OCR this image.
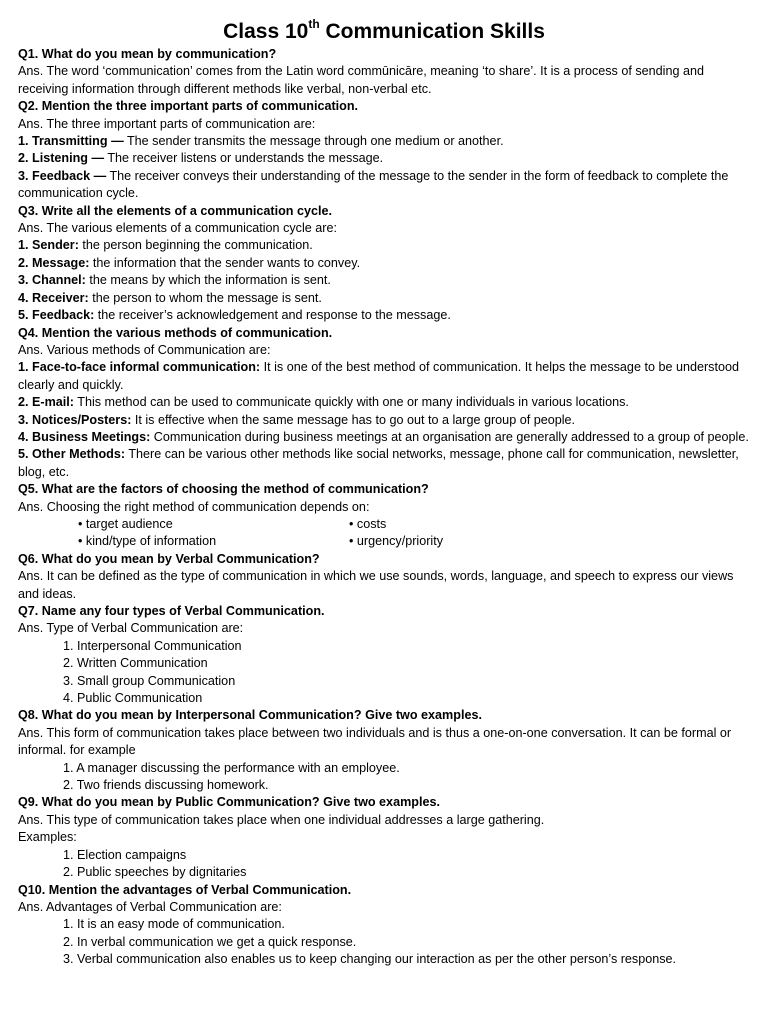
Class 10th Communication Skills
Q1. What do you mean by communication?
Ans. The word ‘communication’ comes from the Latin word commūnicāre, meaning ‘to share’. It is a process of sending and receiving information through different methods like verbal, non-verbal etc.
Q2. Mention the three important parts of communication.
Ans. The three important parts of communication are:
1. Transmitting — The sender transmits the message through one medium or another.
2. Listening — The receiver listens or understands the message.
3. Feedback — The receiver conveys their understanding of the message to the sender in the form of feedback to complete the communication cycle.
Q3. Write all the elements of a communication cycle.
Ans. The various elements of a communication cycle are:
1. Sender: the person beginning the communication.
2. Message: the information that the sender wants to convey.
3. Channel: the means by which the information is sent.
4. Receiver: the person to whom the message is sent.
5. Feedback: the receiver’s acknowledgement and response to the message.
Q4. Mention the various methods of communication.
Ans. Various methods of Communication are:
1. Face-to-face informal communication: It is one of the best method of communication. It helps the message to be understood clearly and quickly.
2. E-mail: This method can be used to communicate quickly with one or many individuals in various locations.
3. Notices/Posters: It is effective when the same message has to go out to a large group of people.
4. Business Meetings: Communication during business meetings at an organisation are generally addressed to a group of people.
5. Other Methods: There can be various other methods like social networks, message, phone call for communication, newsletter, blog, etc.
Q5. What are the factors of choosing the method of communication?
Ans. Choosing the right method of communication depends on:
• target audience	• costs
• kind/type of information	• urgency/priority
Q6. What do you mean by Verbal Communication?
Ans. It can be defined as the type of communication in which we use sounds, words, language, and speech to express our views and ideas.
Q7. Name any four types of Verbal Communication.
Ans. Type of Verbal Communication are:
1. Interpersonal Communication
2. Written Communication
3. Small group Communication
4. Public Communication
Q8. What do you mean by Interpersonal Communication? Give two examples.
Ans. This form of communication takes place between two individuals and is thus a one-on-one conversation. It can be formal or informal. for example
1. A manager discussing the performance with an employee.
2. Two friends discussing homework.
Q9. What do you mean by Public Communication? Give two examples.
Ans. This type of communication takes place when one individual addresses a large gathering.
Examples:
1. Election campaigns
2. Public speeches by dignitaries
Q10. Mention the advantages of Verbal Communication.
Ans. Advantages of Verbal Communication are:
1. It is an easy mode of communication.
2. In verbal communication we get a quick response.
3. Verbal communication also enables us to keep changing our interaction as per the other person’s response.
